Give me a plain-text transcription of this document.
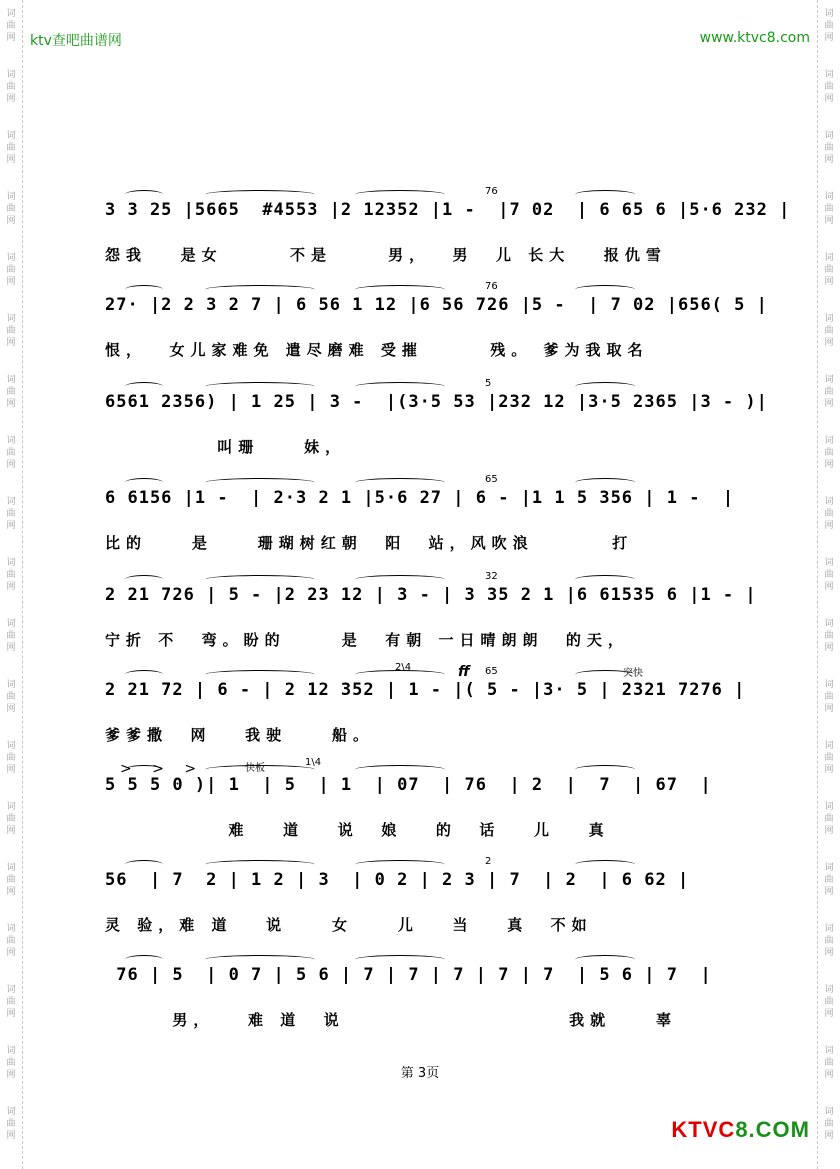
词
曲
网
词
曲
网
词
曲
网
词
曲
网
词
曲
网
词
曲
网
词
曲
网
词
曲
网
词
曲
网
词
曲
网
词
曲
网
词
曲
网
词
曲
网
词
曲
网
词
曲
网
词
曲
网
词
曲
网
词
曲
网
词
曲
网
词
曲
网
词
曲
网
词
曲
网
词
曲
网
词
曲
网
词
曲
网
词
曲
网
词
曲
网
词
曲
网
词
曲
网
词
曲
网
词
曲
网
词
曲
网
词
曲
网
词
曲
网
词
曲
网
词
曲
网
词
曲
网
词
曲
网
ktv查吧曲谱网	www.ktvc8.com
3 3 25 |5665  #4553 |2 12352 |1 -  |7 02  | 6 65 6 |5·6 232 |
76
怨我   是女      不是     男，  男  儿 长大   报仇雪
27· |2 2 3 2 7 | 6 56 1 12 |6 56 726 |5 -  | 7 02 |656( 5 |
76
恨，  女儿家难免 遣尽磨难 受摧      残。 爹为我取名
6561 2356) | 1 25 | 3 -  |(3·5 53 |232 12 |3·5 2365 |3 - )|
5
叫珊    妹，
6 6156 |1 -  | 2·3 2 1 |5·6 27 | 6 - |1 1 5 356 | 1 -  |
65
比的    是    珊瑚树红朝  阳  站，风吹浪       打
2 21 726 | 5 - |2 23 12 | 3 - | 3 35 2 1 |6 61535 6 |1 - |
32
宁折 不  弯。盼的     是  有朝 一日晴朗朗  的天，
2 21 72 | 6 - | 2 12 352 | 1 - |( 5 - |3· 5 | 2321 7276 |
65
2\4	ff	突快
爹爹撒  网   我驶    船。
5 5 5 0 )| 1  | 5  | 1  | 07  | 76  | 2  |  7  | 67  |
1\4
快板
> > >
难   道   说  娘   的  话   儿   真
56  | 7  2 | 1 2 | 3  | 0 2 | 2 3 | 7  | 2  | 6 62 |
2
灵 验，难 道   说    女    儿   当   真  不如
76 | 5  | 0 7 | 5 6 | 7 | 7 | 7 | 7 | 7  | 5 6 | 7  |
男，   难 道  说                    我就    辜
第 3页
KTVC8.COM
